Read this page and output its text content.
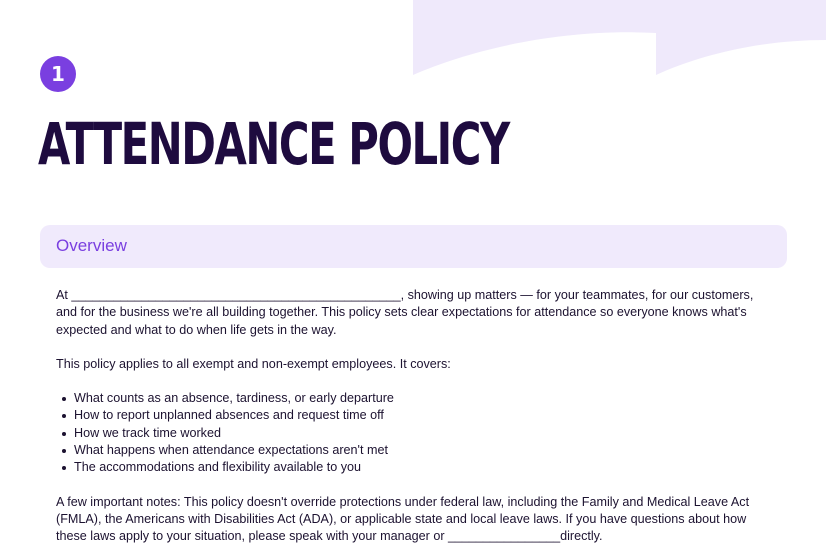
1
ATTENDANCE POLICY
Overview

At _______________________________________________, showing up matters — for your teammates, for our customers, and for the business we're all building together. This policy sets clear expectations for attendance so everyone knows what's expected and what to do when life gets in the way.

This policy applies to all exempt and non-exempt employees. It covers:

What counts as an absence, tardiness, or early departure
How to report unplanned absences and request time off
How we track time worked
What happens when attendance expectations aren't met
The accommodations and flexibility available to you

A few important notes: This policy doesn't override protections under federal law, including the Family and Medical Leave Act (FMLA), the Americans with Disabilities Act (ADA), or applicable state and local leave laws. If you have questions about how these laws apply to your situation, please speak with your manager or ________________directly.
